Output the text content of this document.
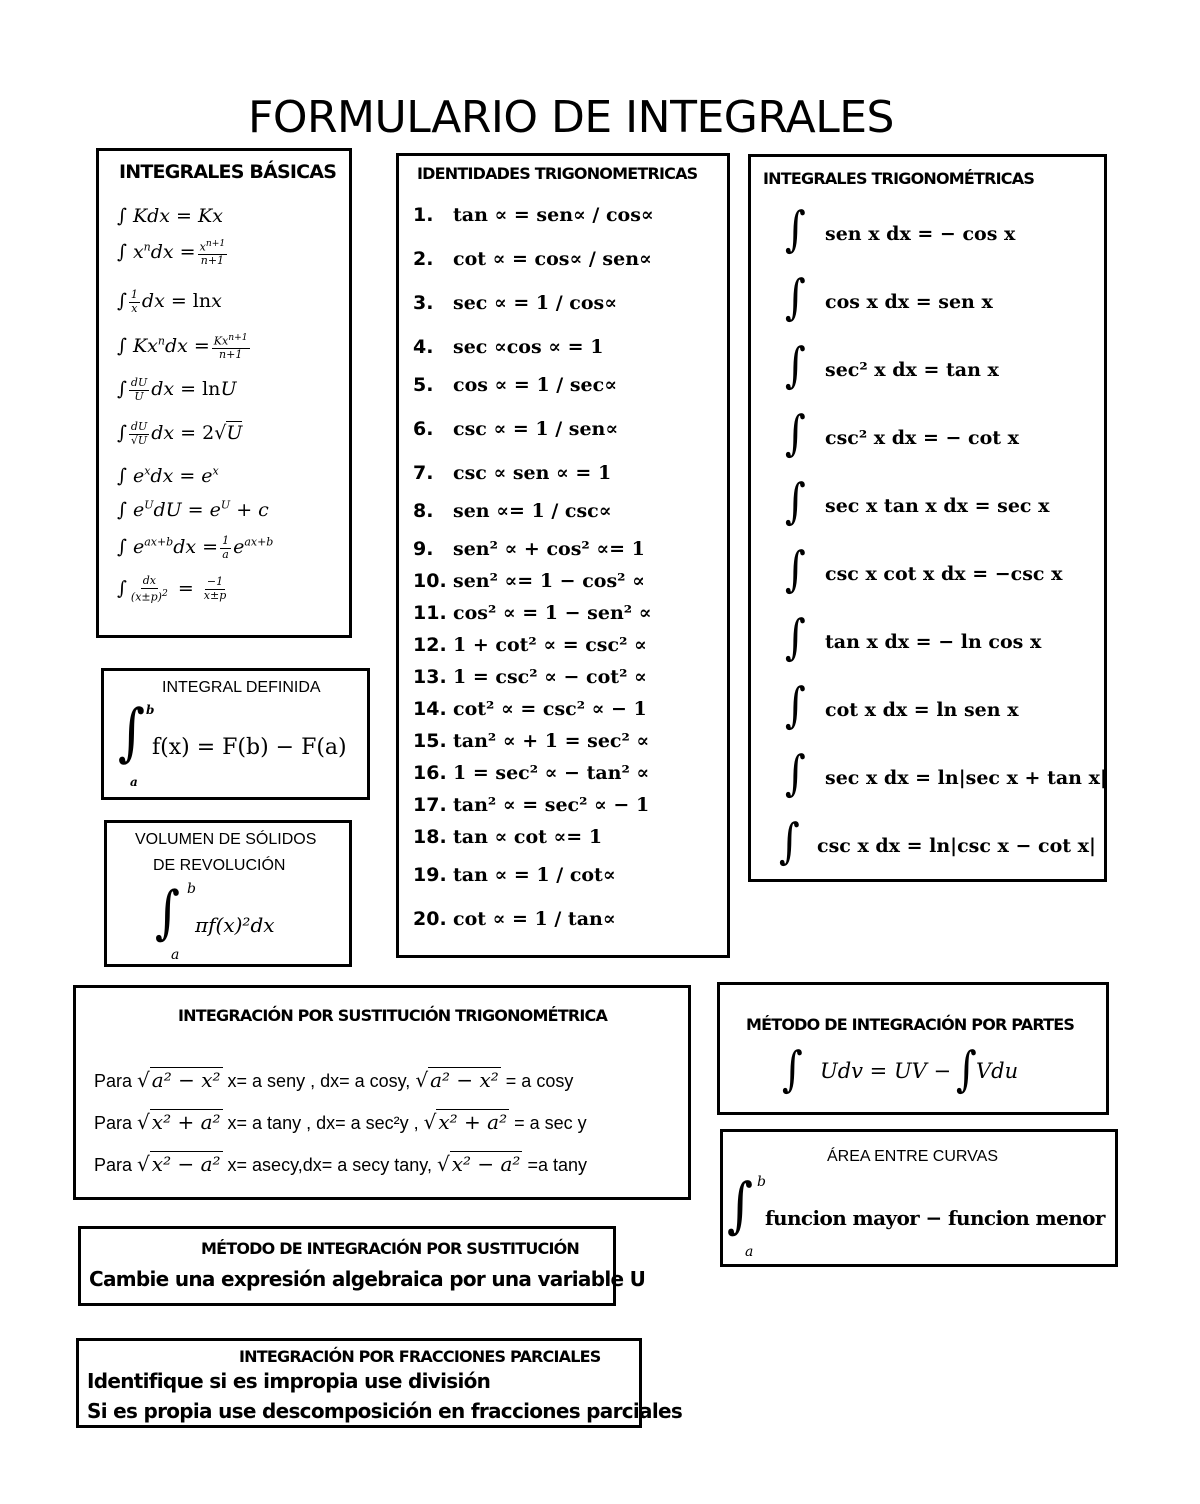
FORMULARIO DE INTEGRALES
INTEGRALES BÁSICAS
∫ Kdx = Kx
∫ $x^ndx = \frac{x^{n+1}}{n+1}$
∫ $\frac{1}{x}$ dx = lnx
∫ $Kx^ndx = \frac{Kx^{n+1}}{n+1}$
∫ $\frac{dU}{U}$ dx = lnU
∫ $\frac{dU}{√U}$ dx = 2√U
∫ $e^xdx = e^x$
∫ $e^UdU = e^U + c$
∫ $e^{ax+b}dx = \frac{1}{a} e^{ax+b}$
∫ $\frac{dx}{(x\pm p)^2} = \frac{-1}{x\pm p}$
INTEGRAL DEFINIDA
∫ b
a
f(x) = F(b) − F(a)
VOLUMEN DE SÓLIDOS
DE REVOLUCIÓN
∫ b
a
πf(x)²dx
IDENTIDADES TRIGONOMETRICAS
1. tan ∝ = sen∝ / cos∝
2. cot ∝ = cos∝ / sen∝
3. sec ∝ = 1 / cos∝
4. sec ∝cos ∝ = 1
5. cos ∝ = 1 / sec∝
6. csc ∝ = 1 / sen∝
7. csc ∝ sen ∝ = 1
8. sen ∝= 1 / csc∝
9. sen² ∝ + cos² ∝= 1
10. sen² ∝= 1 − cos² ∝
11. cos² ∝ = 1 − sen² ∝
12. 1 + cot² ∝ = csc² ∝
13. 1 = csc² ∝ − cot² ∝
14. cot² ∝ = csc² ∝ − 1
15. tan² ∝ + 1 = sec² ∝
16. 1 = sec² ∝ − tan² ∝
17. tan² ∝ = sec² ∝ − 1
18. tan ∝ cot ∝= 1
19. tan ∝ = 1 / cot∝
20. cot ∝ = 1 / tan∝
INTEGRALES TRIGONOMÉTRICAS
∫ sen x dx = − cos x
∫ cos x dx = sen x
∫ sec² x dx = tan x
∫ csc² x dx = − cot x
∫ sec x tan x dx = sec x
∫ csc x cot x dx = −csc x
∫ tan x dx = − ln cos x
∫ cot x dx = ln sen x
∫ sec x dx = ln|sec x + tan x|
∫ csc x dx = ln|csc x − cot x|
INTEGRACIÓN POR SUSTITUCIÓN TRIGONOMÉTRICA
Para √ a² − x² x= a seny , dx= a cosy, √ a² − x² = a cosy
Para √ x² + a² x= a tany , dx= a sec²y , √ x² + a² = a sec y
Para √ x² − a² x= asecy,dx= a secy tany, √ x² − a² =a tany
MÉTODO DE INTEGRACIÓN POR PARTES
∫ Udv = UV − ∫ Vdu
ÁREA ENTRE CURVAS
∫ b
a
funcion mayor − funcion menor
MÉTODO DE INTEGRACIÓN POR SUSTITUCIÓN
Cambie una expresión algebraica por una variable U
INTEGRACIÓN POR FRACCIONES PARCIALES
Identifique si es impropia use división
Si es propia use descomposición en fracciones parciales
